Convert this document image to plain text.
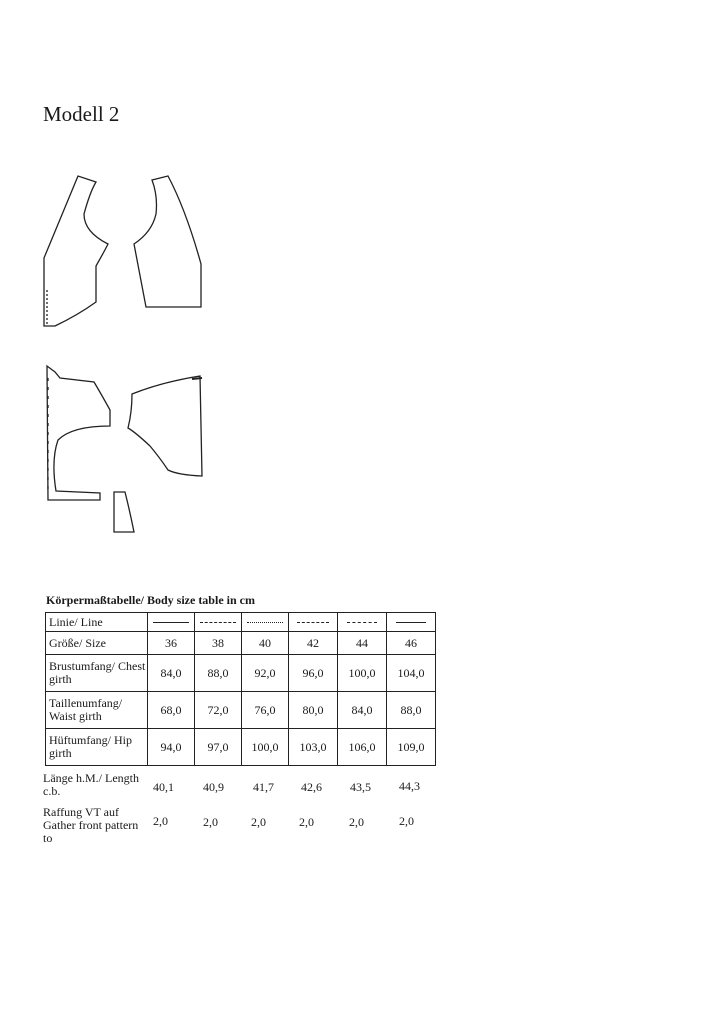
Modell 2
Körpermaßtabelle/ Body size table in cm
Linie/ Line						
Größe/ Size	36	38	40	42	44	46
Brustumfang/ Chest girth	84,0	88,0	92,0	96,0	100,0	104,0
Taillenumfang/ Waist girth	68,0	72,0	76,0	80,0	84,0	88,0
Hüftumfang/ Hip girth	94,0	97,0	100,0	103,0	106,0	109,0
Länge h.M./ Length c.b.	40,1 40,9 41,7 42,6 43,5 44,3
Raffung VT auf Gather front pattern to
2,0	2,0	2,0	2,0	2,0	2,0
